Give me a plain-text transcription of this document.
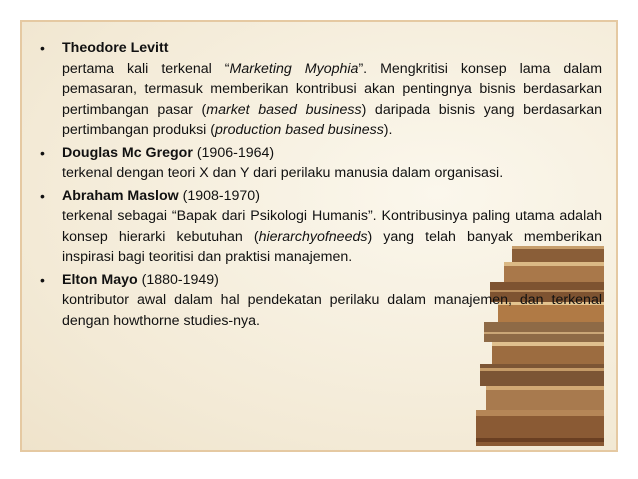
• Theodore Levitt
pertama kali terkenal “Marketing Myophia”. Mengkritisi konsep lama dalam pemasaran, termasuk memberikan kontribusi akan pentingnya bisnis berdasarkan pertimbangan pasar (market based business) daripada bisnis yang berdasarkan pertimbangan produksi (production based business).
• Douglas Mc Gregor (1906-1964)
terkenal dengan teori X dan Y dari perilaku manusia dalam organisasi.
• Abraham Maslow (1908-1970)
terkenal sebagai “Bapak dari Psikologi Humanis”. Kontribusinya paling utama adalah konsep hierarki kebutuhan (hierarchyofneeds) yang telah banyak memberikan inspirasi bagi teoritisi dan praktisi manajemen.
• Elton Mayo (1880-1949)
kontributor awal dalam hal pendekatan perilaku dalam manajemen, dan terkenal dengan howthorne studies-nya.
